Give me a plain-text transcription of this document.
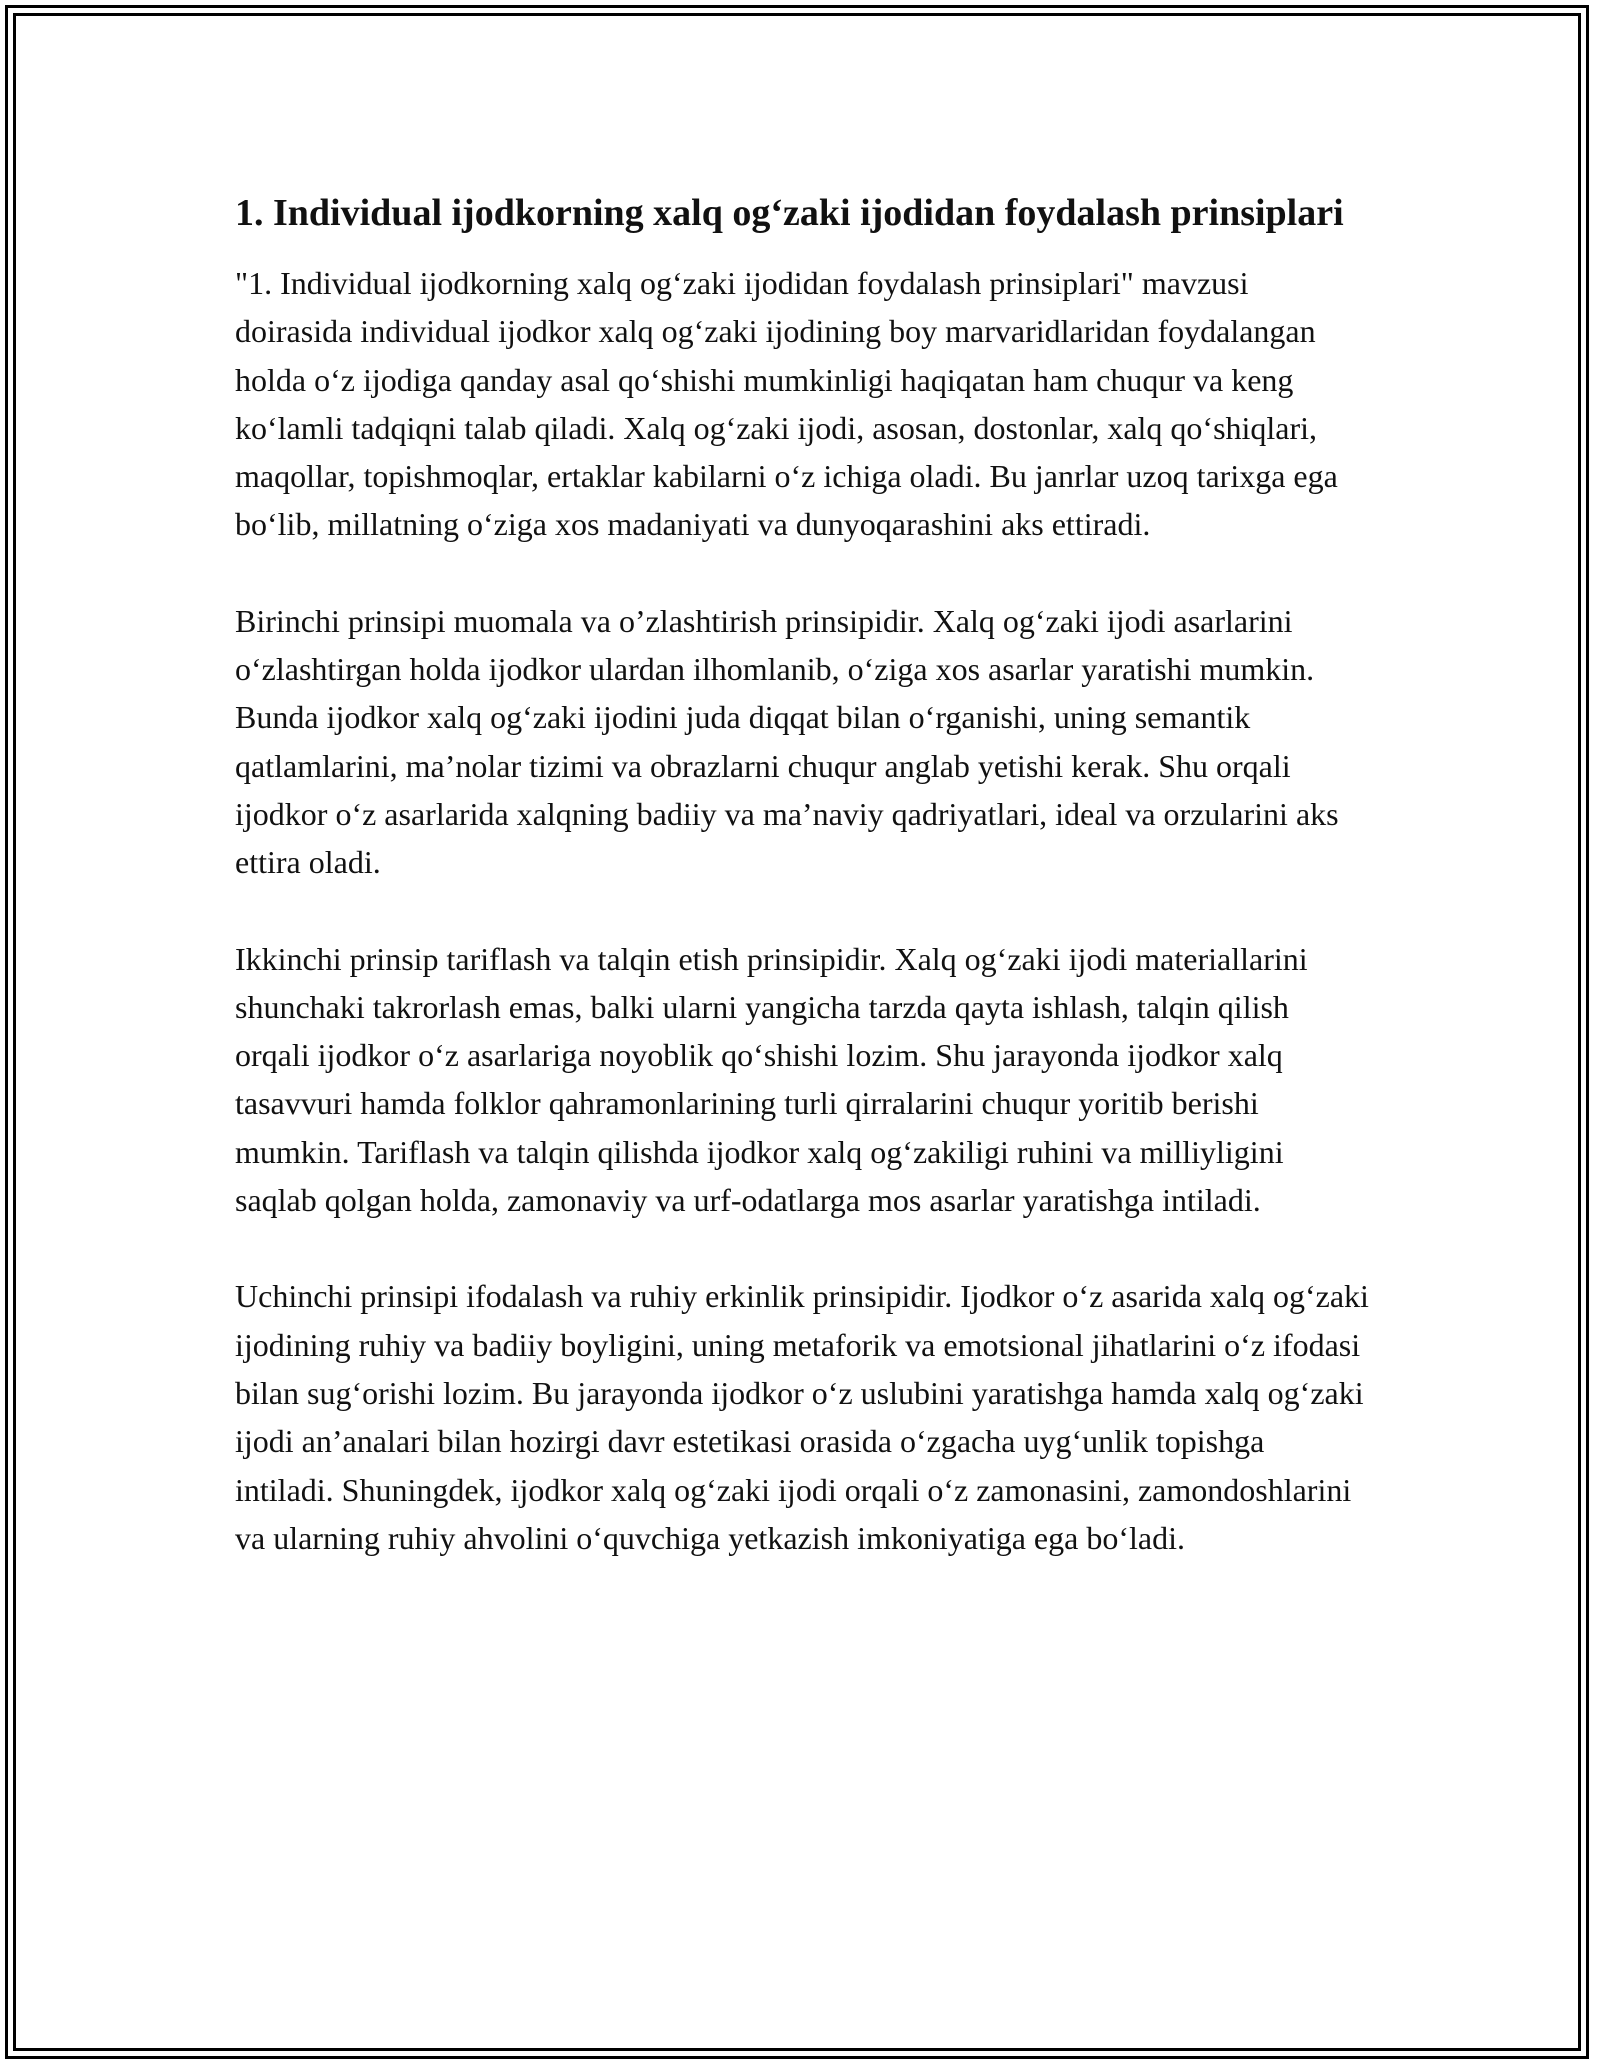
1. Individual ijodkorning xalq og‘zaki ijodidan foydalash prinsiplari

"1. Individual ijodkorning xalq og‘zaki ijodidan foydalash prinsiplari" mavzusi doirasida individual ijodkor xalq og‘zaki ijodining boy marvaridlaridan foydalangan holda o‘z ijodiga qanday asal qo‘shishi mumkinligi haqiqatan ham chuqur va keng ko‘lamli tadqiqni talab qiladi. Xalq og‘zaki ijodi, asosan, dostonlar, xalq qo‘shiqlari, maqollar, topishmoqlar, ertaklar kabilarni o‘z ichiga oladi. Bu janrlar uzoq tarixga ega bo‘lib, millatning o‘ziga xos madaniyati va dunyoqarashini aks ettiradi.

Birinchi prinsipi muomala va o’zlashtirish prinsipidir. Xalq og‘zaki ijodi asarlarini o‘zlashtirgan holda ijodkor ulardan ilhomlanib, o‘ziga xos asarlar yaratishi mumkin. Bunda ijodkor xalq og‘zaki ijodini juda diqqat bilan o‘rganishi, uning semantik qatlamlarini, ma’nolar tizimi va obrazlarni chuqur anglab yetishi kerak. Shu orqali ijodkor o‘z asarlarida xalqning badiiy va ma’naviy qadriyatlari, ideal va orzularini aks ettira oladi.

Ikkinchi prinsip tariflash va talqin etish prinsipidir. Xalq og‘zaki ijodi materiallarini shunchaki takrorlash emas, balki ularni yangicha tarzda qayta ishlash, talqin qilish orqali ijodkor o‘z asarlariga noyoblik qo‘shishi lozim. Shu jarayonda ijodkor xalq tasavvuri hamda folklor qahramonlarining turli qirralarini chuqur yoritib berishi mumkin. Tariflash va talqin qilishda ijodkor xalq og‘zakiligi ruhini va milliyligini saqlab qolgan holda, zamonaviy va urf-odatlarga mos asarlar yaratishga intiladi.

Uchinchi prinsipi ifodalash va ruhiy erkinlik prinsipidir. Ijodkor o‘z asarida xalq og‘zaki ijodining ruhiy va badiiy boyligini, uning metaforik va emotsional jihatlarini o‘z ifodasi bilan sug‘orishi lozim. Bu jarayonda ijodkor o‘z uslubini yaratishga hamda xalq og‘zaki ijodi an’analari bilan hozirgi davr estetikasi orasida o‘zgacha uyg‘unlik topishga intiladi. Shuningdek, ijodkor xalq og‘zaki ijodi orqali o‘z zamonasini, zamondoshlarini va ularning ruhiy ahvolini o‘quvchiga yetkazish imkoniyatiga ega bo‘ladi.
